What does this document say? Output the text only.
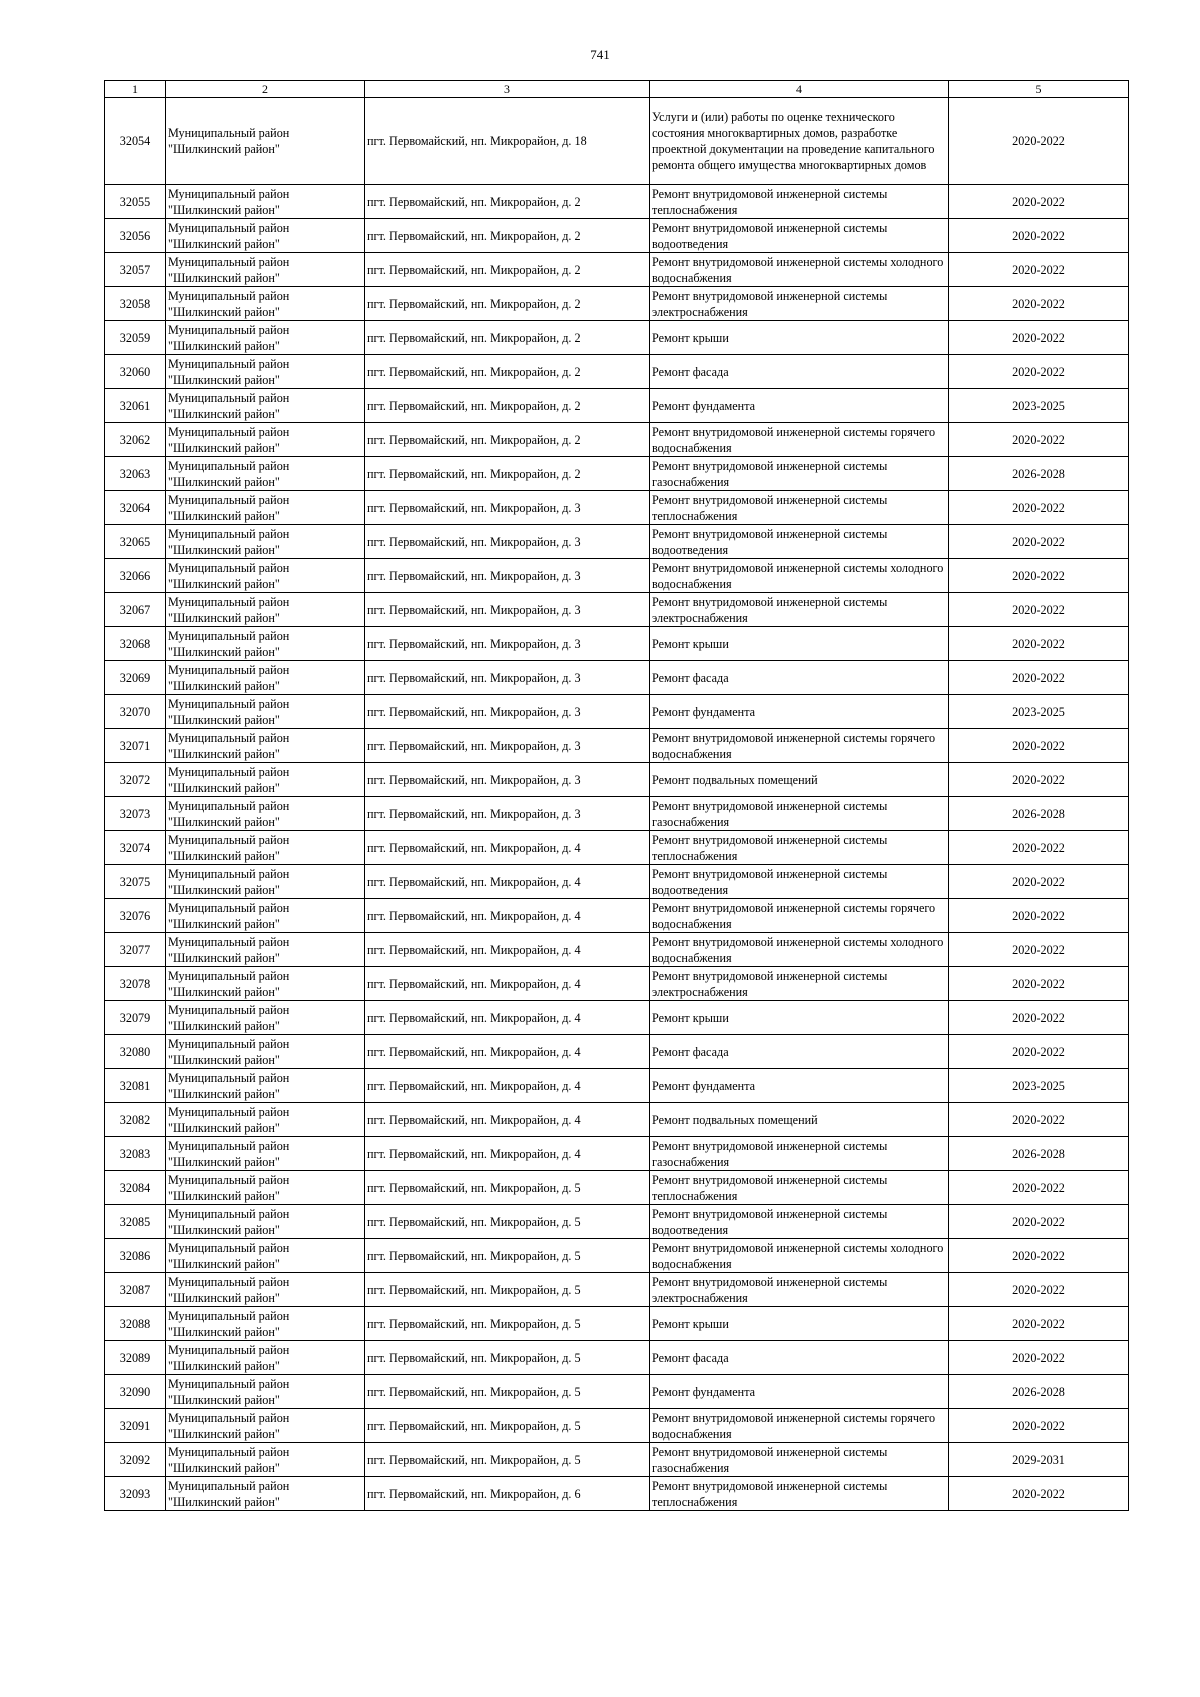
741
1	2	3	4	5
32054	Муниципальный район "Шилкинский район"	пгт. Первомайский, нп. Микрорайон, д. 18	Услуги и (или) работы по оценке технического состояния многоквартирных домов, разработке проектной документации на проведение капитального ремонта общего имущества многоквартирных домов	2020-2022
32055	Муниципальный район "Шилкинский район"	пгт. Первомайский, нп. Микрорайон, д. 2	Ремонт внутридомовой инженерной системы теплоснабжения	2020-2022
32056	Муниципальный район "Шилкинский район"	пгт. Первомайский, нп. Микрорайон, д. 2	Ремонт внутридомовой инженерной системы водоотведения	2020-2022
32057	Муниципальный район "Шилкинский район"	пгт. Первомайский, нп. Микрорайон, д. 2	Ремонт внутридомовой инженерной системы холодного водоснабжения	2020-2022
32058	Муниципальный район "Шилкинский район"	пгт. Первомайский, нп. Микрорайон, д. 2	Ремонт внутридомовой инженерной системы электроснабжения	2020-2022
32059	Муниципальный район "Шилкинский район"	пгт. Первомайский, нп. Микрорайон, д. 2	Ремонт крыши	2020-2022
32060	Муниципальный район "Шилкинский район"	пгт. Первомайский, нп. Микрорайон, д. 2	Ремонт фасада	2020-2022
32061	Муниципальный район "Шилкинский район"	пгт. Первомайский, нп. Микрорайон, д. 2	Ремонт фундамента	2023-2025
32062	Муниципальный район "Шилкинский район"	пгт. Первомайский, нп. Микрорайон, д. 2	Ремонт внутридомовой инженерной системы горячего водоснабжения	2020-2022
32063	Муниципальный район "Шилкинский район"	пгт. Первомайский, нп. Микрорайон, д. 2	Ремонт внутридомовой инженерной системы газоснабжения	2026-2028
32064	Муниципальный район "Шилкинский район"	пгт. Первомайский, нп. Микрорайон, д. 3	Ремонт внутридомовой инженерной системы теплоснабжения	2020-2022
32065	Муниципальный район "Шилкинский район"	пгт. Первомайский, нп. Микрорайон, д. 3	Ремонт внутридомовой инженерной системы водоотведения	2020-2022
32066	Муниципальный район "Шилкинский район"	пгт. Первомайский, нп. Микрорайон, д. 3	Ремонт внутридомовой инженерной системы холодного водоснабжения	2020-2022
32067	Муниципальный район "Шилкинский район"	пгт. Первомайский, нп. Микрорайон, д. 3	Ремонт внутридомовой инженерной системы электроснабжения	2020-2022
32068	Муниципальный район "Шилкинский район"	пгт. Первомайский, нп. Микрорайон, д. 3	Ремонт крыши	2020-2022
32069	Муниципальный район "Шилкинский район"	пгт. Первомайский, нп. Микрорайон, д. 3	Ремонт фасада	2020-2022
32070	Муниципальный район "Шилкинский район"	пгт. Первомайский, нп. Микрорайон, д. 3	Ремонт фундамента	2023-2025
32071	Муниципальный район "Шилкинский район"	пгт. Первомайский, нп. Микрорайон, д. 3	Ремонт внутридомовой инженерной системы горячего водоснабжения	2020-2022
32072	Муниципальный район "Шилкинский район"	пгт. Первомайский, нп. Микрорайон, д. 3	Ремонт подвальных помещений	2020-2022
32073	Муниципальный район "Шилкинский район"	пгт. Первомайский, нп. Микрорайон, д. 3	Ремонт внутридомовой инженерной системы газоснабжения	2026-2028
32074	Муниципальный район "Шилкинский район"	пгт. Первомайский, нп. Микрорайон, д. 4	Ремонт внутридомовой инженерной системы теплоснабжения	2020-2022
32075	Муниципальный район "Шилкинский район"	пгт. Первомайский, нп. Микрорайон, д. 4	Ремонт внутридомовой инженерной системы водоотведения	2020-2022
32076	Муниципальный район "Шилкинский район"	пгт. Первомайский, нп. Микрорайон, д. 4	Ремонт внутридомовой инженерной системы горячего водоснабжения	2020-2022
32077	Муниципальный район "Шилкинский район"	пгт. Первомайский, нп. Микрорайон, д. 4	Ремонт внутридомовой инженерной системы холодного водоснабжения	2020-2022
32078	Муниципальный район "Шилкинский район"	пгт. Первомайский, нп. Микрорайон, д. 4	Ремонт внутридомовой инженерной системы электроснабжения	2020-2022
32079	Муниципальный район "Шилкинский район"	пгт. Первомайский, нп. Микрорайон, д. 4	Ремонт крыши	2020-2022
32080	Муниципальный район "Шилкинский район"	пгт. Первомайский, нп. Микрорайон, д. 4	Ремонт фасада	2020-2022
32081	Муниципальный район "Шилкинский район"	пгт. Первомайский, нп. Микрорайон, д. 4	Ремонт фундамента	2023-2025
32082	Муниципальный район "Шилкинский район"	пгт. Первомайский, нп. Микрорайон, д. 4	Ремонт подвальных помещений	2020-2022
32083	Муниципальный район "Шилкинский район"	пгт. Первомайский, нп. Микрорайон, д. 4	Ремонт внутридомовой инженерной системы газоснабжения	2026-2028
32084	Муниципальный район "Шилкинский район"	пгт. Первомайский, нп. Микрорайон, д. 5	Ремонт внутридомовой инженерной системы теплоснабжения	2020-2022
32085	Муниципальный район "Шилкинский район"	пгт. Первомайский, нп. Микрорайон, д. 5	Ремонт внутридомовой инженерной системы водоотведения	2020-2022
32086	Муниципальный район "Шилкинский район"	пгт. Первомайский, нп. Микрорайон, д. 5	Ремонт внутридомовой инженерной системы холодного водоснабжения	2020-2022
32087	Муниципальный район "Шилкинский район"	пгт. Первомайский, нп. Микрорайон, д. 5	Ремонт внутридомовой инженерной системы электроснабжения	2020-2022
32088	Муниципальный район "Шилкинский район"	пгт. Первомайский, нп. Микрорайон, д. 5	Ремонт крыши	2020-2022
32089	Муниципальный район "Шилкинский район"	пгт. Первомайский, нп. Микрорайон, д. 5	Ремонт фасада	2020-2022
32090	Муниципальный район "Шилкинский район"	пгт. Первомайский, нп. Микрорайон, д. 5	Ремонт фундамента	2026-2028
32091	Муниципальный район "Шилкинский район"	пгт. Первомайский, нп. Микрорайон, д. 5	Ремонт внутридомовой инженерной системы горячего водоснабжения	2020-2022
32092	Муниципальный район "Шилкинский район"	пгт. Первомайский, нп. Микрорайон, д. 5	Ремонт внутридомовой инженерной системы газоснабжения	2029-2031
32093	Муниципальный район "Шилкинский район"	пгт. Первомайский, нп. Микрорайон, д. 6	Ремонт внутридомовой инженерной системы теплоснабжения	2020-2022
